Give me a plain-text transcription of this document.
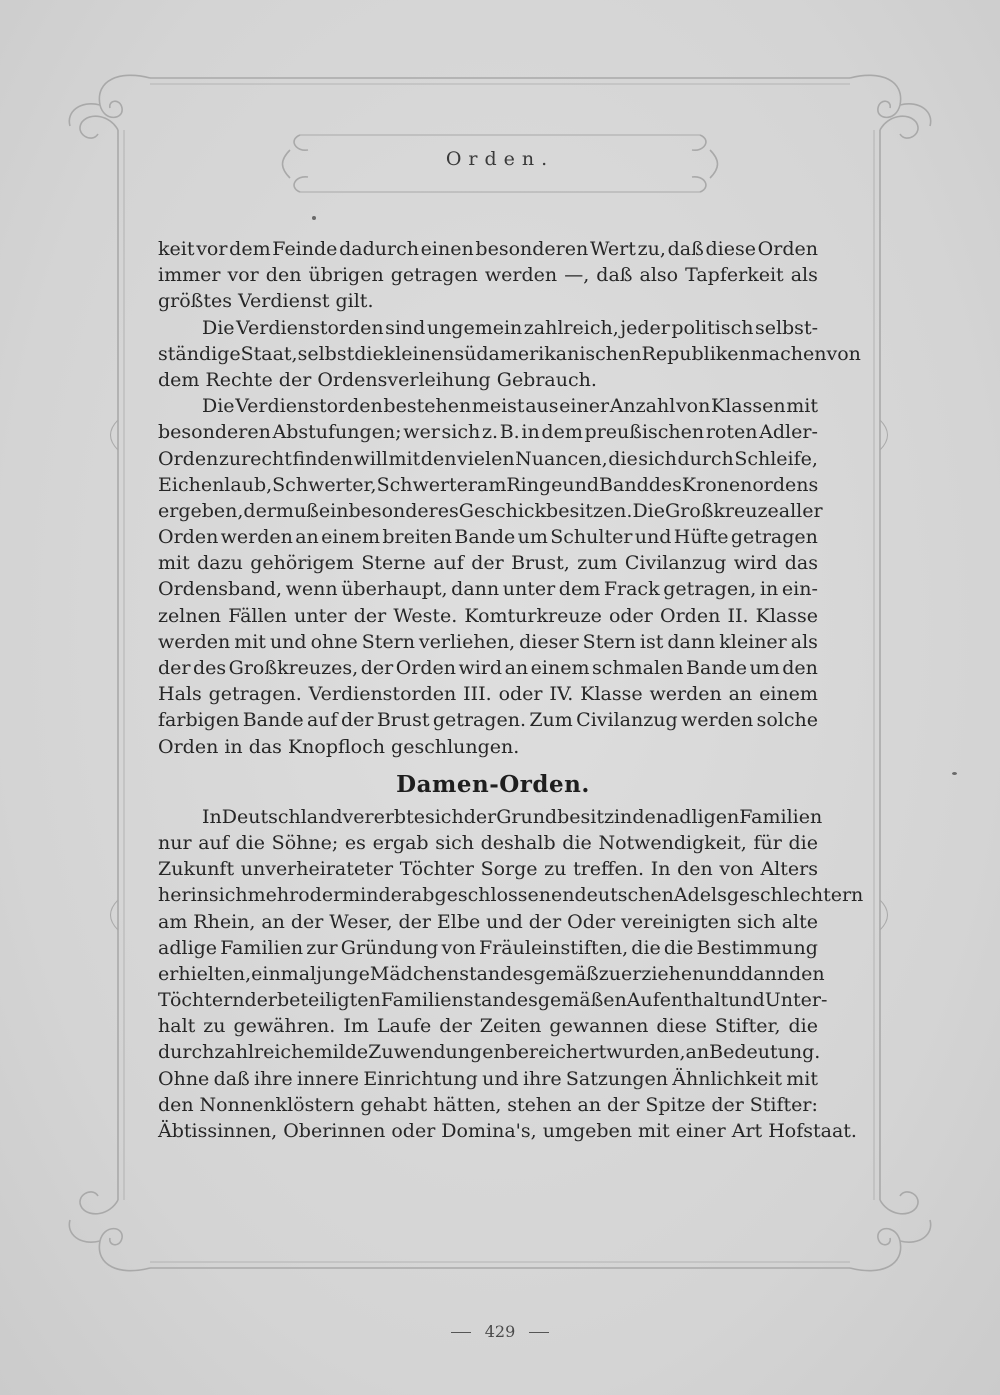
Orden.
keit vor dem Feinde dadurch einen besonderen Wert zu, daß diese Orden
immer vor den übrigen getragen werden —, daß also Tapferkeit als
größtes Verdienst gilt.
Die Verdienstorden sind ungemein zahlreich, jeder politisch selbst-
ständige Staat, selbst die kleinen südamerikanischen Republiken machen von
dem Rechte der Ordensverleihung Gebrauch.
Die Verdienstorden bestehen meist aus einer Anzahl von Klassen mit
besonderen Abstufungen; wer sich z. B. in dem preußischen roten Adler-
Orden zurecht finden will mit den vielen Nuancen, die sich durch Schleife,
Eichenlaub, Schwerter, Schwerter am Ringe und Band des Kronenordens
ergeben, der muß ein besonderes Geschick besitzen. Die Großkreuze aller
Orden werden an einem breiten Bande um Schulter und Hüfte getragen
mit dazu gehörigem Sterne auf der Brust, zum Civilanzug wird das
Ordensband, wenn überhaupt, dann unter dem Frack getragen, in ein-
zelnen Fällen unter der Weste. Komturkreuze oder Orden II. Klasse
werden mit und ohne Stern verliehen, dieser Stern ist dann kleiner als
der des Großkreuzes, der Orden wird an einem schmalen Bande um den
Hals getragen. Verdienstorden III. oder IV. Klasse werden an einem
farbigen Bande auf der Brust getragen. Zum Civilanzug werden solche
Orden in das Knopfloch geschlungen.
Damen-Orden.
In Deutschland vererbte sich der Grundbesitz in den adligen Familien
nur auf die Söhne; es ergab sich deshalb die Notwendigkeit, für die
Zukunft unverheirateter Töchter Sorge zu treffen. In den von Alters
her in sich mehr oder minder abgeschlossenen deutschen Adelsgeschlechtern
am Rhein, an der Weser, der Elbe und der Oder vereinigten sich alte
adlige Familien zur Gründung von Fräuleinstiften, die die Bestimmung
erhielten, einmal junge Mädchen standesgemäß zu erziehen und dann den
Töchtern der beteiligten Familien standesgemäßen Aufenthalt und Unter-
halt zu gewähren. Im Laufe der Zeiten gewannen diese Stifter, die
durch zahlreiche milde Zuwendungen bereichert wurden, an Bedeutung.
Ohne daß ihre innere Einrichtung und ihre Satzungen Ähnlichkeit mit
den Nonnenklöstern gehabt hätten, stehen an der Spitze der Stifter:
Äbtissinnen, Oberinnen oder Domina's, umgeben mit einer Art Hofstaat.
429
